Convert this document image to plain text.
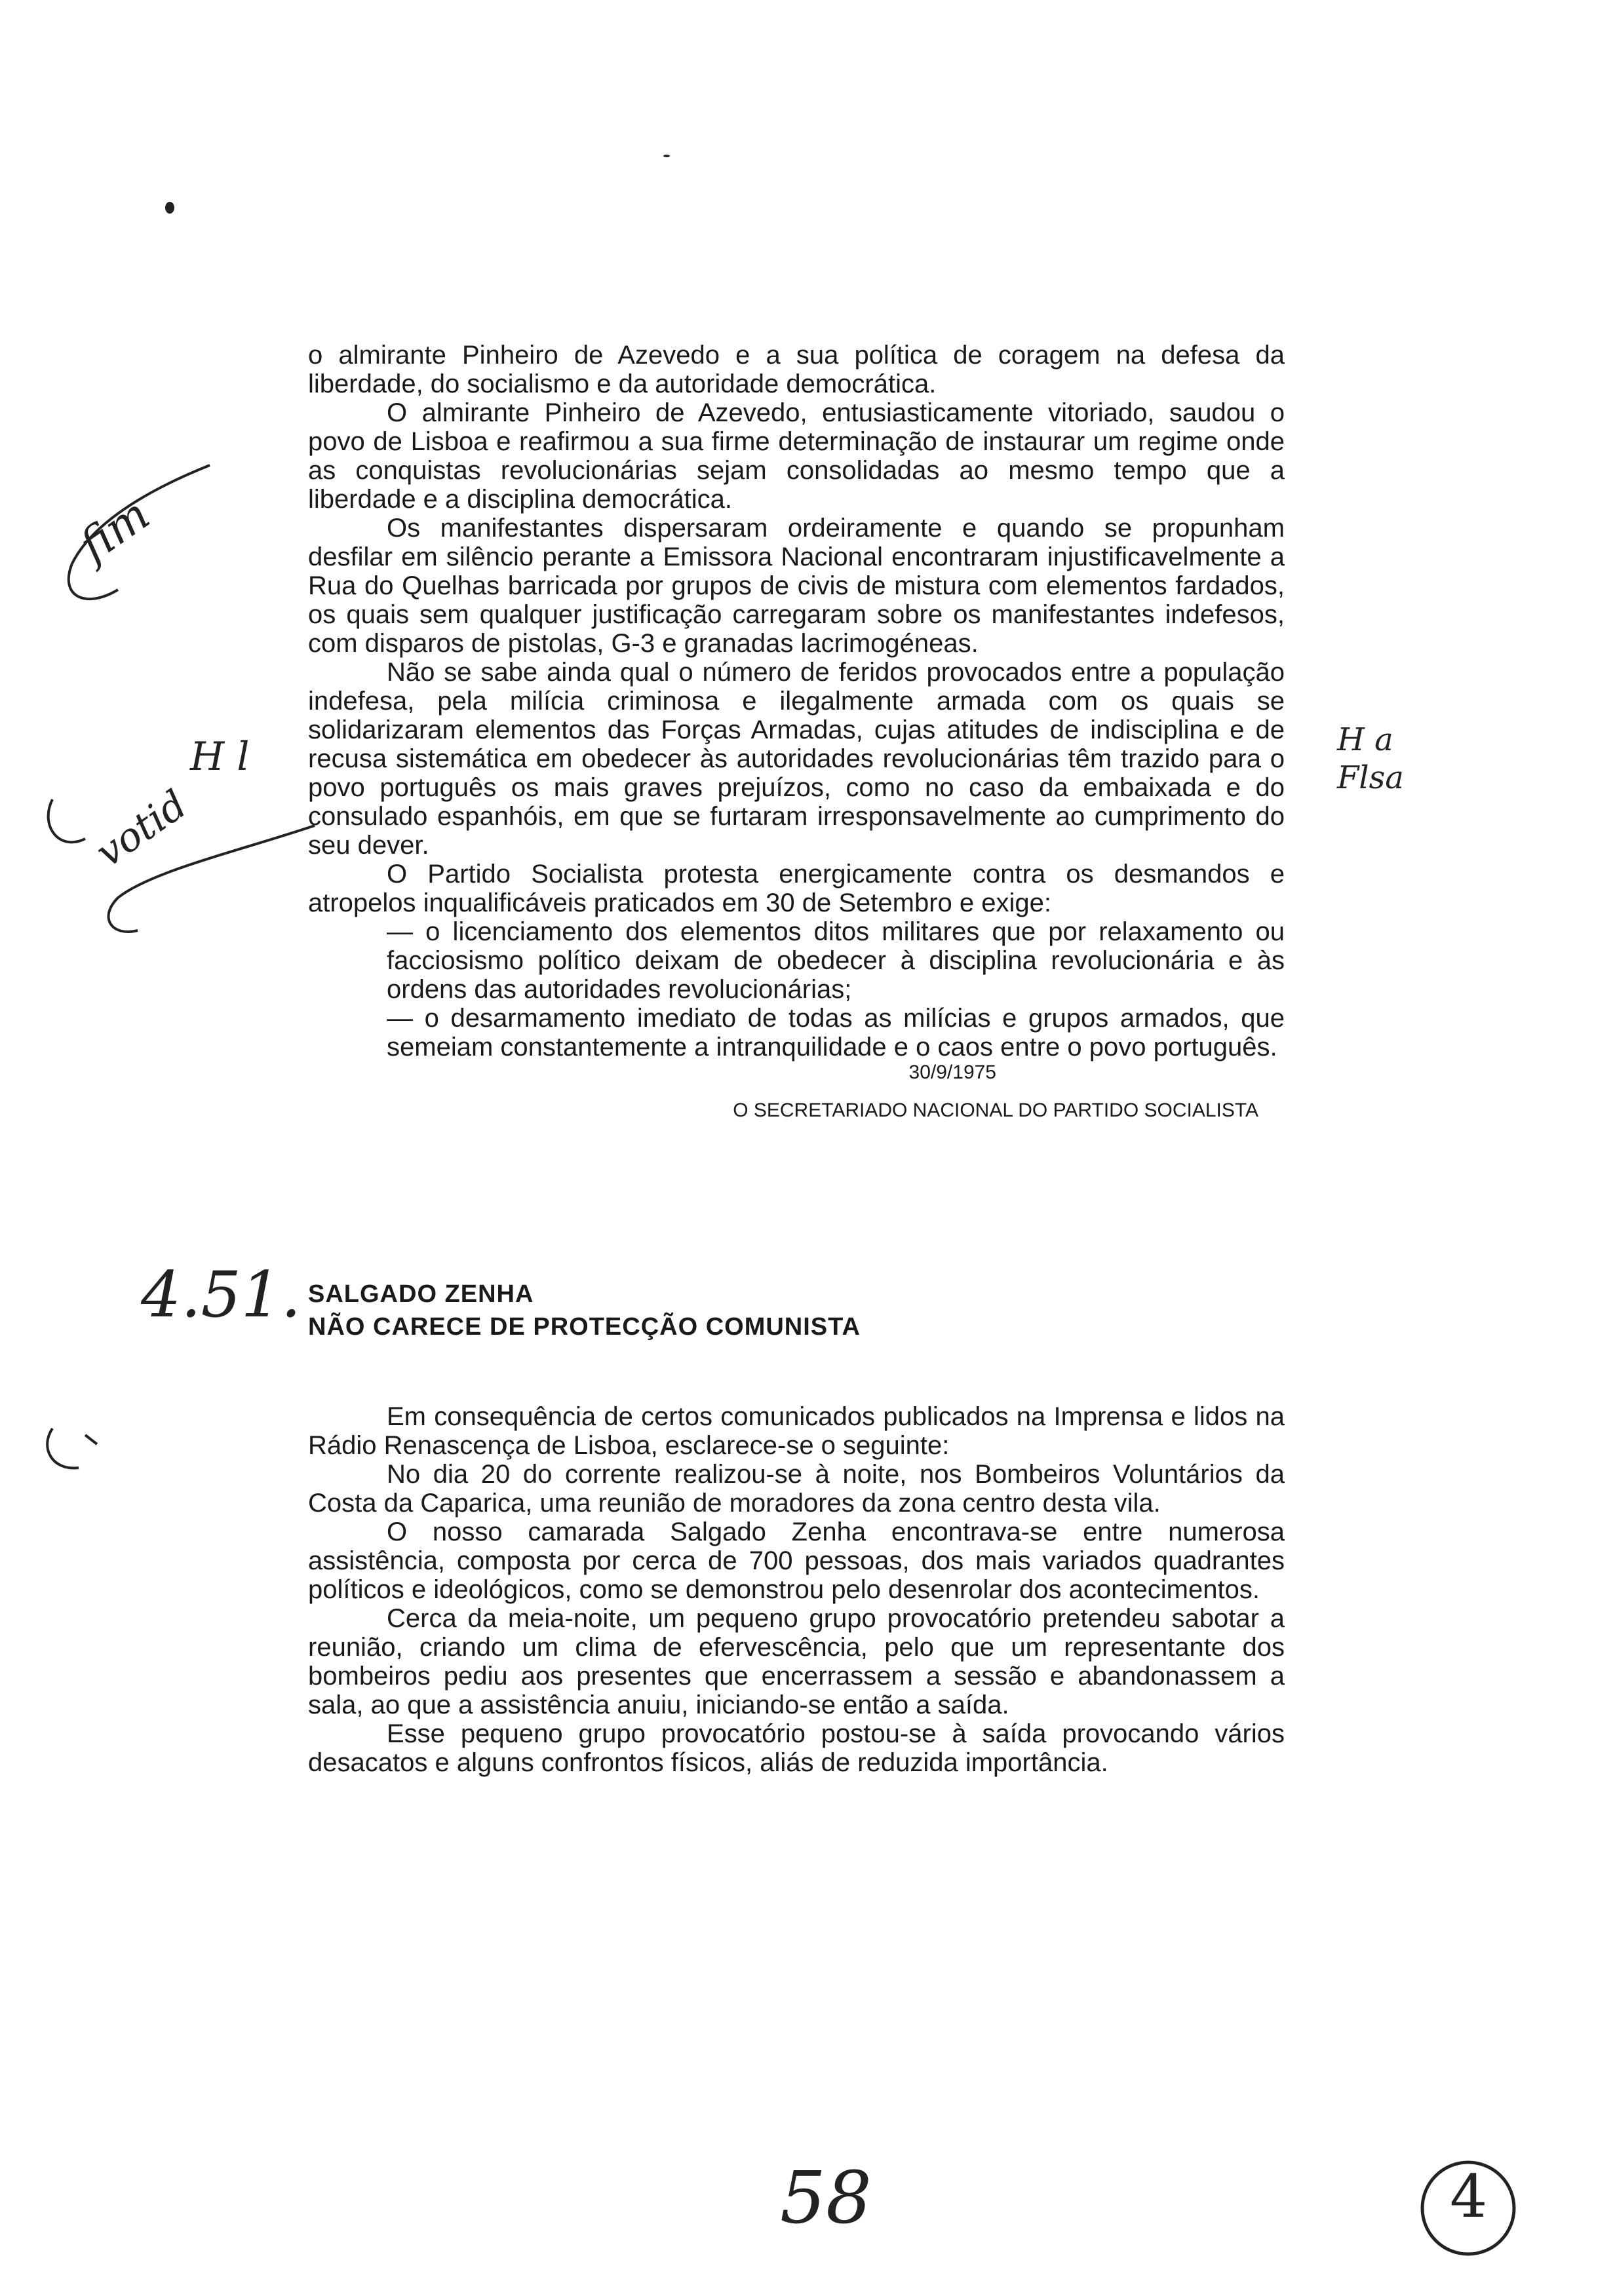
o almirante Pinheiro de Azevedo e a sua política de coragem na defesa da liberdade, do socialismo e da autoridade democrática.

O almirante Pinheiro de Azevedo, entusiasticamente vitoriado, saudou o povo de Lisboa e reafirmou a sua firme determinação de instaurar um regime onde as conquistas revolucionárias sejam consolidadas ao mesmo tempo que a liberdade e a disciplina democrática.

Os manifestantes dispersaram ordeiramente e quando se propunham desfilar em silêncio perante a Emissora Nacional encontraram injustificavelmente a Rua do Quelhas barricada por grupos de civis de mistura com elementos fardados, os quais sem qualquer justificação carregaram sobre os manifestantes indefesos, com disparos de pistolas, G-3 e granadas lacrimogéneas.

Não se sabe ainda qual o número de feridos provocados entre a população indefesa, pela milícia criminosa e ilegalmente armada com os quais se solidarizaram elementos das Forças Armadas, cujas atitudes de indisciplina e de recusa sistemática em obedecer às autoridades revolucionárias têm trazido para o povo português os mais graves prejuízos, como no caso da embaixada e do consulado espanhóis, em que se furtaram irresponsavelmente ao cumprimento do seu dever.

O Partido Socialista protesta energicamente contra os desmandos e atropelos inqualificáveis praticados em 30 de Setembro e exige:

— o licenciamento dos elementos ditos militares que por relaxamento ou facciosismo político deixam de obedecer à disciplina revolucionária e às ordens das autoridades revolucionárias;

— o desarmamento imediato de todas as milícias e grupos armados, que semeiam constantemente a intranquilidade e o caos entre o povo português.

30/9/1975
O SECRETARIADO NACIONAL DO PARTIDO SOCIALISTA
SALGADO ZENHA
NÃO CARECE DE PROTECÇÃO COMUNISTA

Em consequência de certos comunicados publicados na Imprensa e lidos na Rádio Renascença de Lisboa, esclarece-se o seguinte:

No dia 20 do corrente realizou-se à noite, nos Bombeiros Voluntários da Costa da Caparica, uma reunião de moradores da zona centro desta vila.

O nosso camarada Salgado Zenha encontrava-se entre numerosa assistência, composta por cerca de 700 pessoas, dos mais variados quadrantes políticos e ideológicos, como se demonstrou pelo desenrolar dos acontecimentos.

Cerca da meia-noite, um pequeno grupo provocatório pretendeu sabotar a reunião, criando um clima de efervescência, pelo que um representante dos bombeiros pediu aos presentes que encerrassem a sessão e abandonassem a sala, ao que a assistência anuiu, iniciando-se então a saída.

Esse pequeno grupo provocatório postou-se à saída provocando vários desacatos e alguns confrontos físicos, aliás de reduzida importância.

fim
H l
votid
H a Flsa
4.51.
58	4
